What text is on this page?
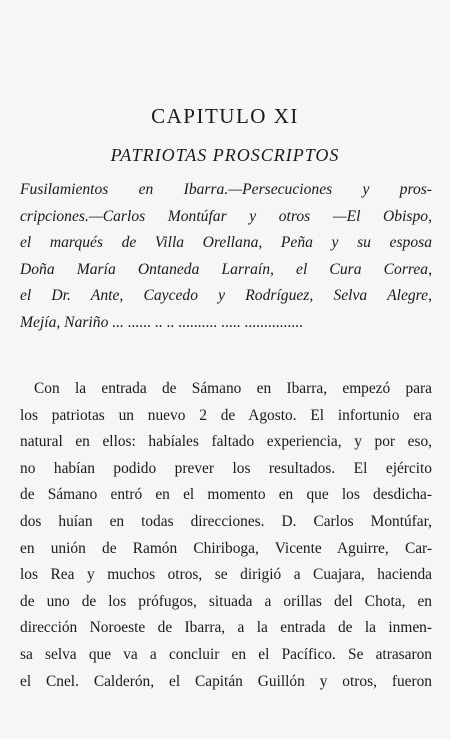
CAPITULO XI
PATRIOTAS PROSCRIPTOS
Fusilamientos en Ibarra.—Persecuciones y pros-
cripciones.—Carlos Montúfar y otros —El Obispo,
el marqués de Villa Orellana, Peña y su esposa
Doña María Ontaneda Larraín, el Cura Correa,
el Dr. Ante, Caycedo y Rodríguez, Selva Alegre,
Mejía, Nariño ... ...... .. .. .......... ..... ...............
Con la entrada de Sámano en Ibarra, empezó para
los patriotas un nuevo 2 de Agosto. El infortunio era
natural en ellos: habíales faltado experiencia, y por eso,
no habían podido prever los resultados. El ejército
de Sámano entró en el momento en que los desdicha-
dos huían en todas direcciones. D. Carlos Montúfar,
en unión de Ramón Chiriboga, Vicente Aguirre, Car-
los Rea y muchos otros, se dirigió a Cuajara, hacienda
de uno de los prófugos, situada a orillas del Chota, en
dirección Noroeste de Ibarra, a la entrada de la inmen-
sa selva que va a concluir en el Pacífico. Se atrasaron
el Cnel. Calderón, el Capitán Guillón y otros, fueron
